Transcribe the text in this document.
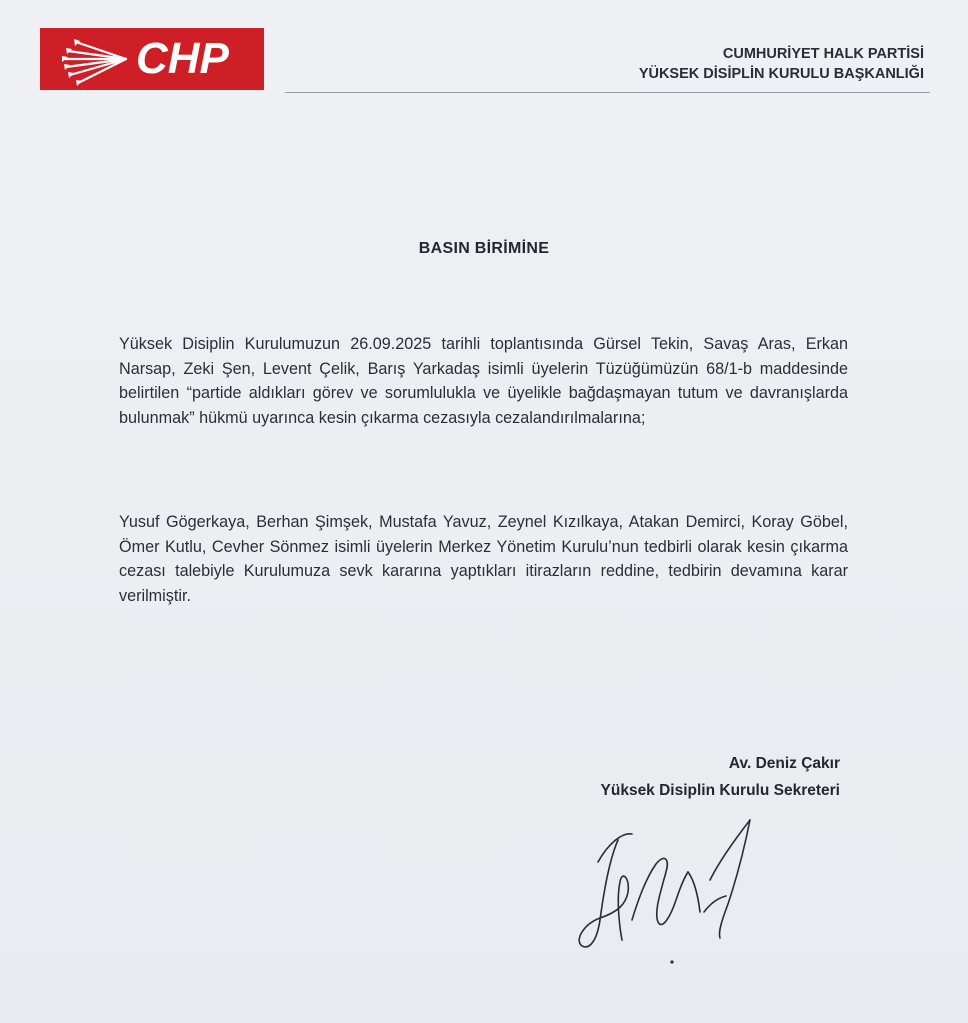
CHP	CUMHURİYET HALK PARTİSİ
YÜKSEK DİSİPLİN KURULU BAŞKANLIĞI
BASIN BİRİMİNE
Yüksek Disiplin Kurulumuzun 26.09.2025 tarihli toplantısında Gürsel Tekin, Savaş Aras, Erkan Narsap, Zeki Şen, Levent Çelik, Barış Yarkadaş isimli üyelerin Tüzüğümüzün 68/1-b maddesinde belirtilen “partide aldıkları görev ve sorumlulukla ve üyelikle bağdaşmayan tutum ve davranışlarda bulunmak” hükmü uyarınca kesin çıkarma cezasıyla cezalandırılmalarına;
Yusuf Gögerkaya, Berhan Şimşek, Mustafa Yavuz, Zeynel Kızılkaya, Atakan Demirci, Koray Göbel, Ömer Kutlu, Cevher Sönmez isimli üyelerin Merkez Yönetim Kurulu’nun tedbirli olarak kesin çıkarma cezası talebiyle Kurulumuza sevk kararına yaptıkları itirazların reddine, tedbirin devamına karar verilmiştir.
Av. Deniz Çakır
Yüksek Disiplin Kurulu Sekreteri
